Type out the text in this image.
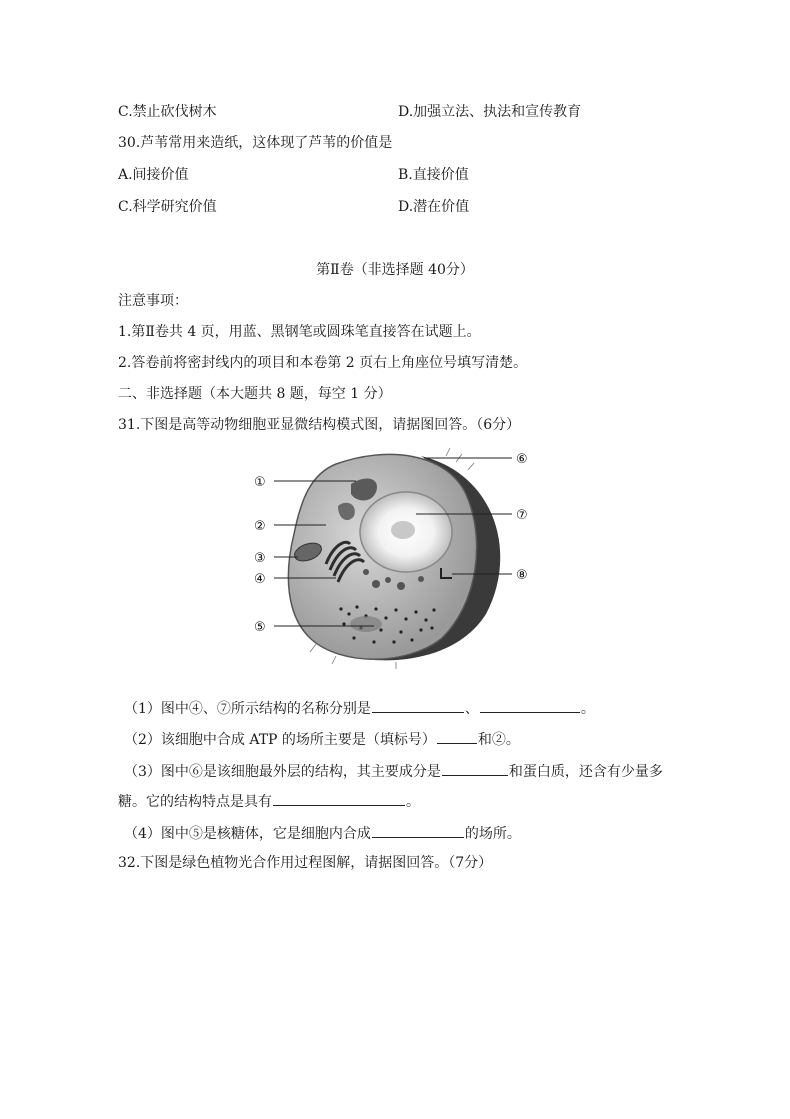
C.禁止砍伐树木	D.加强立法、执法和宣传教育
30.芦苇常用来造纸，这体现了芦苇的价值是
A.间接价值	B.直接价值
C.科学研究价值	D.潜在价值
第Ⅱ卷（非选择题 40分）
注意事项：
1.第Ⅱ卷共 4 页，用蓝、黑钢笔或圆珠笔直接答在试题上。
2.答卷前将密封线内的项目和本卷第 2 页右上角座位号填写清楚。
二、非选择题（本大题共 8 题，每空 1 分）
31.下图是高等动物细胞亚显微结构模式图，请据图回答。（6分）
①
②
③
④
⑤
⑥
⑦
⑧
（1）图中④、⑦所示结构的名称分别是	、	。
（2）该细胞中合成 ATP 的场所主要是（填标号）	和②。
（3）图中⑥是该细胞最外层的结构，其主要成分是	和蛋白质，还含有少量多
糖。它的结构特点是具有	。
（4）图中⑤是核糖体，它是细胞内合成	的场所。
32.下图是绿色植物光合作用过程图解，请据图回答。（7分）
